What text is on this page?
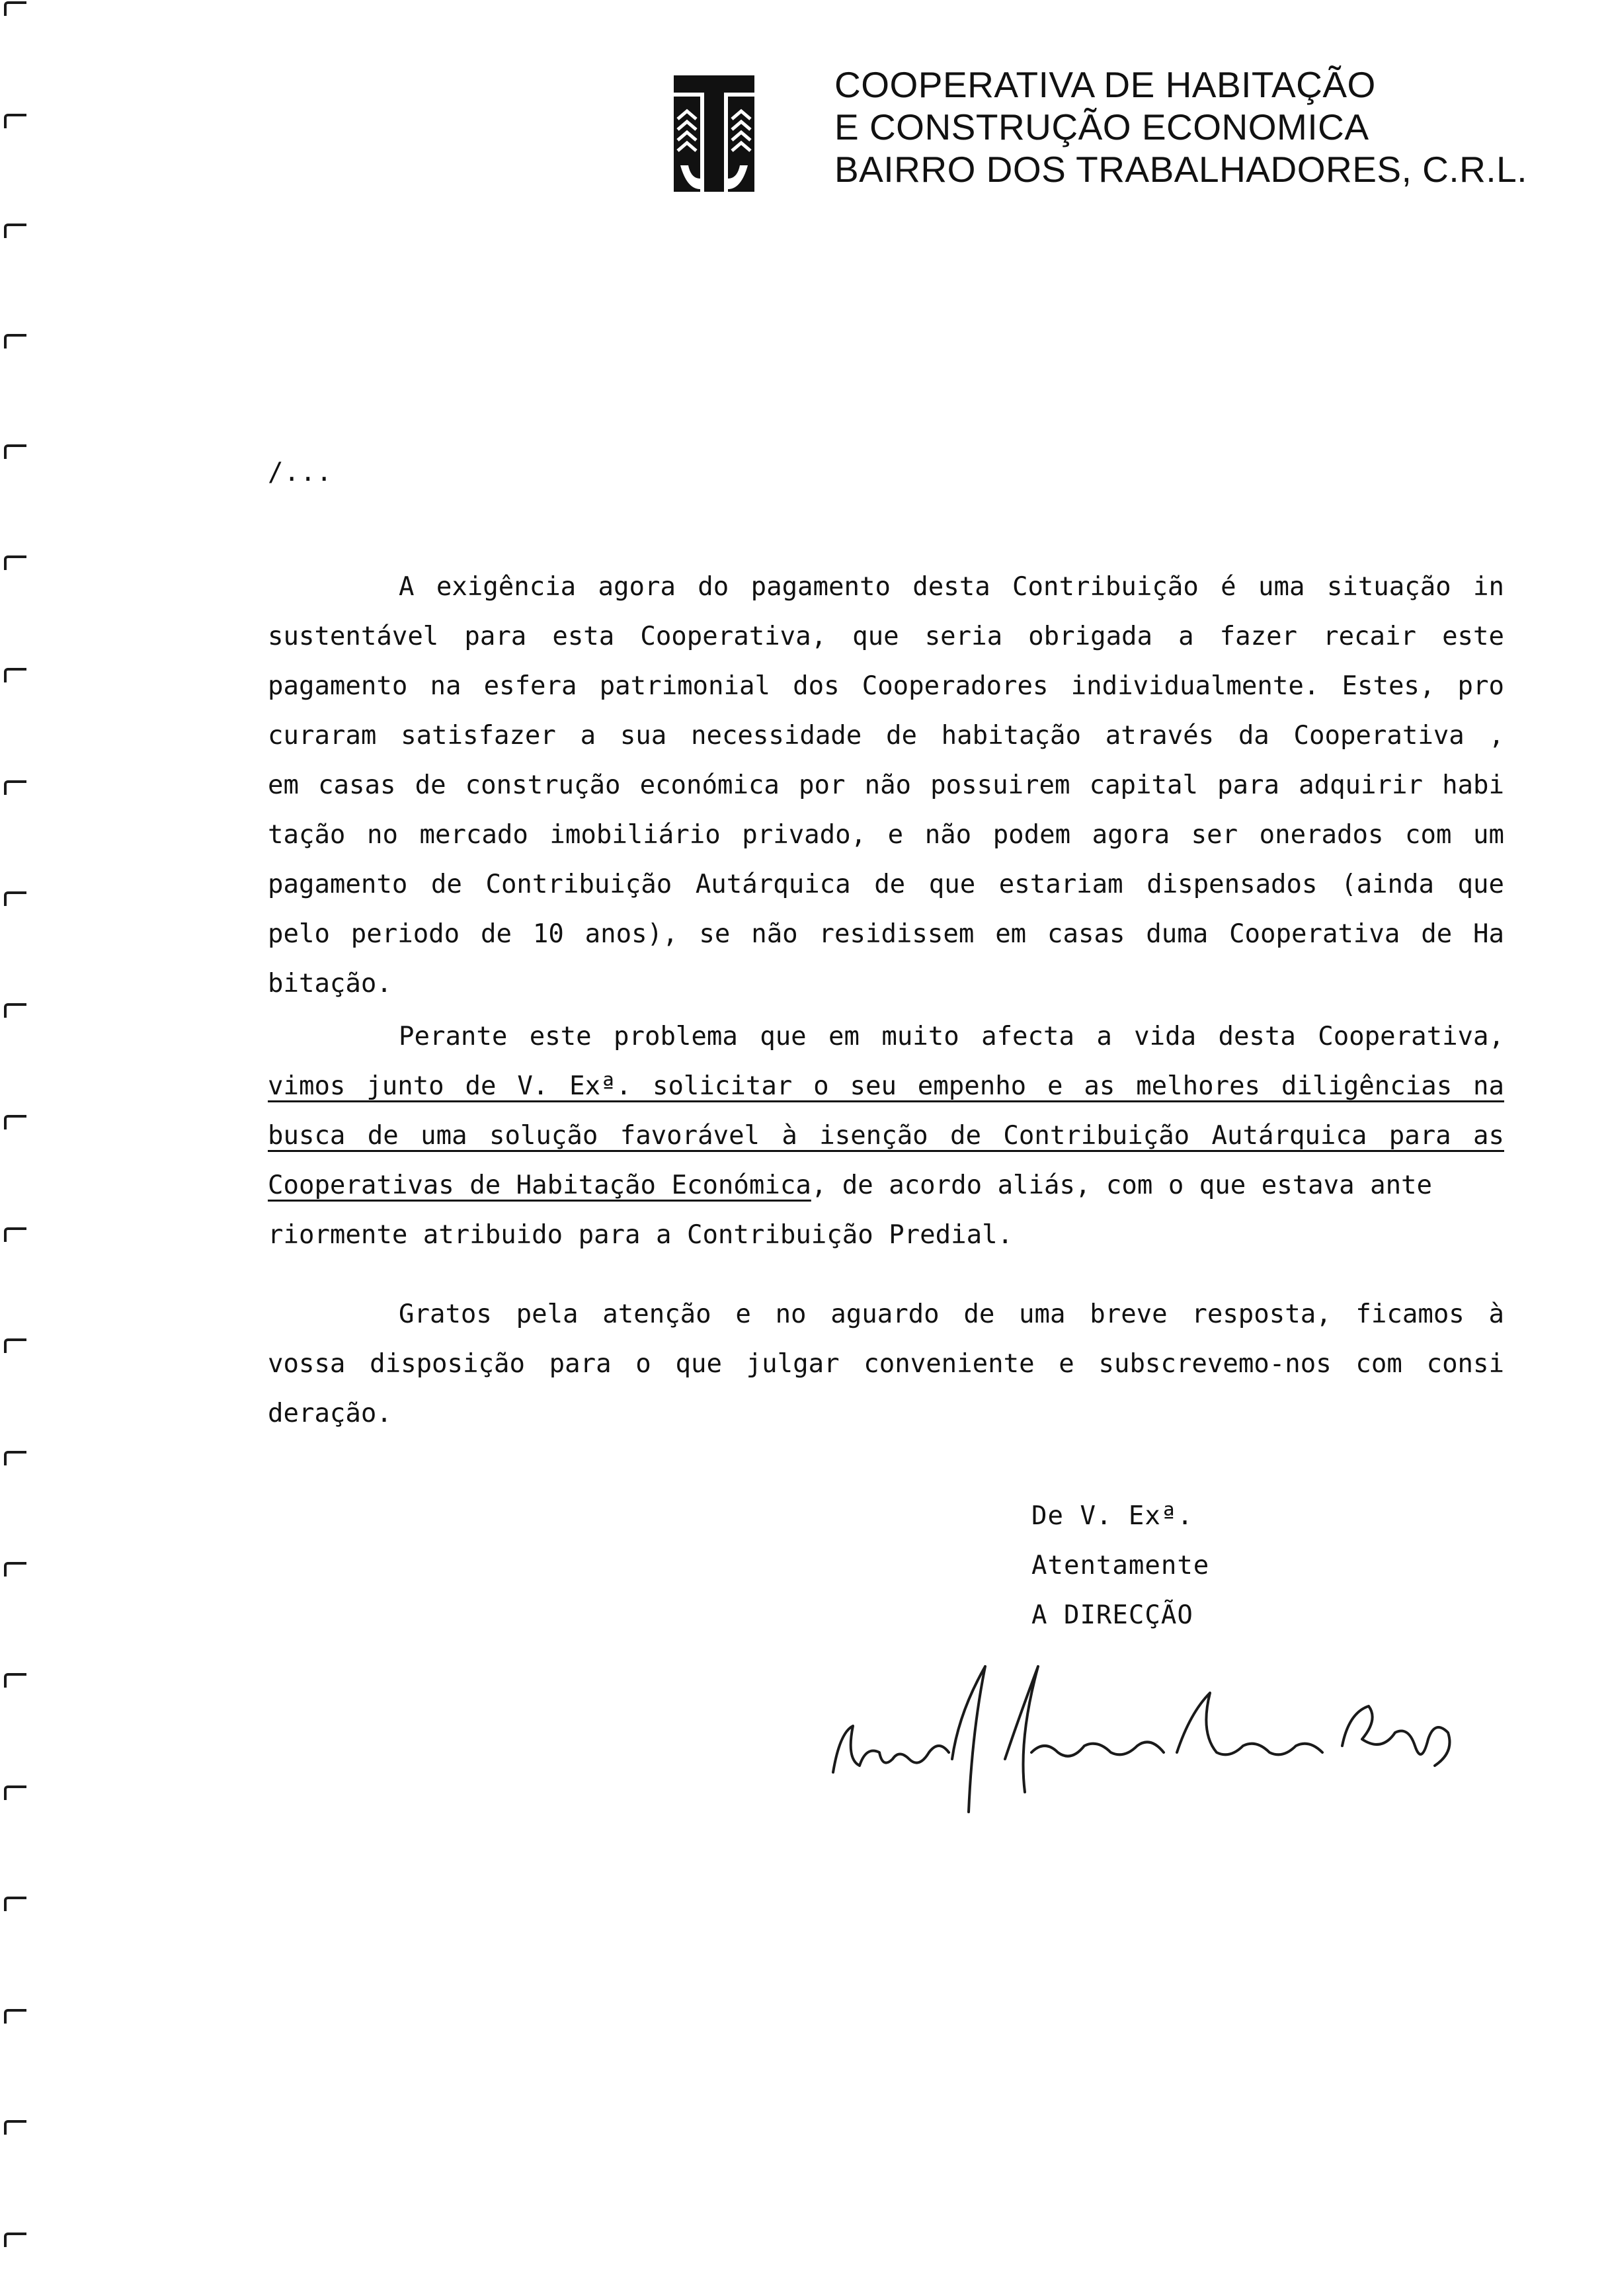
COOPERATIVA DE HABITAÇÃO
E CONSTRUÇÃO ECONOMICA
BAIRRO DOS TRABALHADORES, C.R.L.
/...
A exigência agora do pagamento desta Contribuição é uma situação in
sustentável para esta Cooperativa, que seria obrigada a fazer recair este
pagamento na esfera patrimonial dos Cooperadores individualmente. Estes, pro
curaram satisfazer a sua necessidade de habitação através da Cooperativa ,
em casas de construção económica por não possuirem capital para adquirir habi
tação no mercado imobiliário privado, e não podem agora ser onerados com um
pagamento de Contribuição Autárquica de que estariam dispensados (ainda que
pelo periodo de 10 anos), se não residissem em casas duma Cooperativa de Ha
bitação.
Perante este problema que em muito afecta a vida desta Cooperativa,
vimos junto de V. Exª. solicitar o seu empenho e as melhores diligências na
busca de uma solução favorável à isenção de Contribuição Autárquica para as
Cooperativas de Habitação Económica, de acordo aliás, com o que estava ante
riormente atribuido para a Contribuição Predial.
Gratos pela atenção e no aguardo de uma breve resposta, ficamos à
vossa disposição para o que julgar conveniente e subscrevemo-nos com consi
deração.
De V. Exª.
Atentamente
A DIRECÇÃO
